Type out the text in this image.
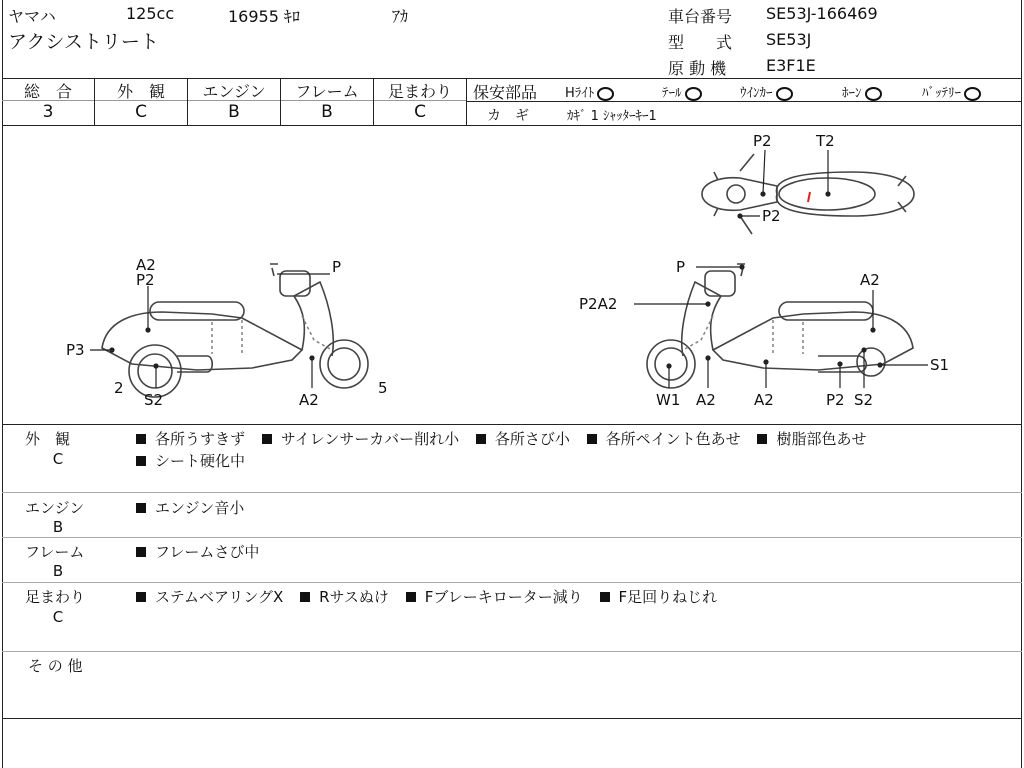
ヤマハ	125cc	16955 ｷﾛ	ｱｶ
アクシストリート
車台番号 SE53J-166469
型　　式 SE53J
原 動 機 E3F1E
総　合
3
外　観
C
エンジン
B
フレーム
B
足まわり
C
保安部品 Hﾗｲﾄ	ﾃｰﾙ	ｳｲﾝｶｰ	ﾎｰﾝ	ﾊﾞｯﾃﾘｰ
カ　ギ	ｶｷﾞ 1 ｼｬｯﾀｰｷｰ1
A2
P2
P
P3
2
S2	A2
5
P
P2A2
A2
S1
W1 A2	A2	P2 S2
P2	T2
P2
外　観
C
各所うすきず サイレンサーカバー削れ小 各所さび小 各所ペイント色あせ 樹脂部色あせ
シート硬化中
エンジン
B
エンジン音小
フレーム
B
フレームさび中
足まわり
C
ステムベアリングX Rサスぬけ Fブレーキローター減り F足回りねじれ
そ の 他
